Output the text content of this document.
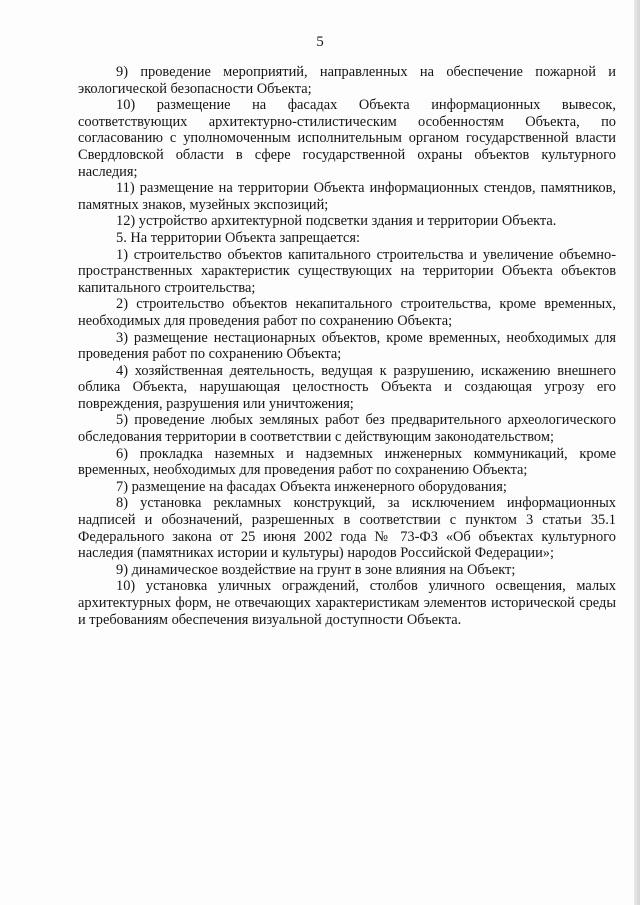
5

9) проведение мероприятий, направленных на обеспечение пожарной и экологической безопасности Объекта;

10) размещение на фасадах Объекта информационных вывесок, соответствующих архитектурно-стилистическим особенностям Объекта, по согласованию с уполномоченным исполнительным органом государственной власти Свердловской области в сфере государственной охраны объектов культурного наследия;

11) размещение на территории Объекта информационных стендов, памятников, памятных знаков, музейных экспозиций;

12) устройство архитектурной подсветки здания и территории Объекта.

5. На территории Объекта запрещается:

1) строительство объектов капитального строительства и увеличение объемно-пространственных характеристик существующих на территории Объекта объектов капитального строительства;

2) строительство объектов некапитального строительства, кроме временных, необходимых для проведения работ по сохранению Объекта;

3) размещение нестационарных объектов, кроме временных, необходимых для проведения работ по сохранению Объекта;

4) хозяйственная деятельность, ведущая к разрушению, искажению внешнего облика Объекта, нарушающая целостность Объекта и создающая угрозу его повреждения, разрушения или уничтожения;

5) проведение любых земляных работ без предварительного археологического обследования территории в соответствии с действующим законодательством;

6) прокладка наземных и надземных инженерных коммуникаций, кроме временных, необходимых для проведения работ по сохранению Объекта;

7) размещение на фасадах Объекта инженерного оборудования;

8) установка рекламных конструкций, за исключением информационных надписей и обозначений, разрешенных в соответствии с пунктом 3 статьи 35.1 Федерального закона от 25 июня 2002 года № 73-ФЗ «Об объектах культурного наследия (памятниках истории и культуры) народов Российской Федерации»;

9) динамическое воздействие на грунт в зоне влияния на Объект;

10) установка уличных ограждений, столбов уличного освещения, малых архитектурных форм, не отвечающих характеристикам элементов исторической среды и требованиям обеспечения визуальной доступности Объекта.
